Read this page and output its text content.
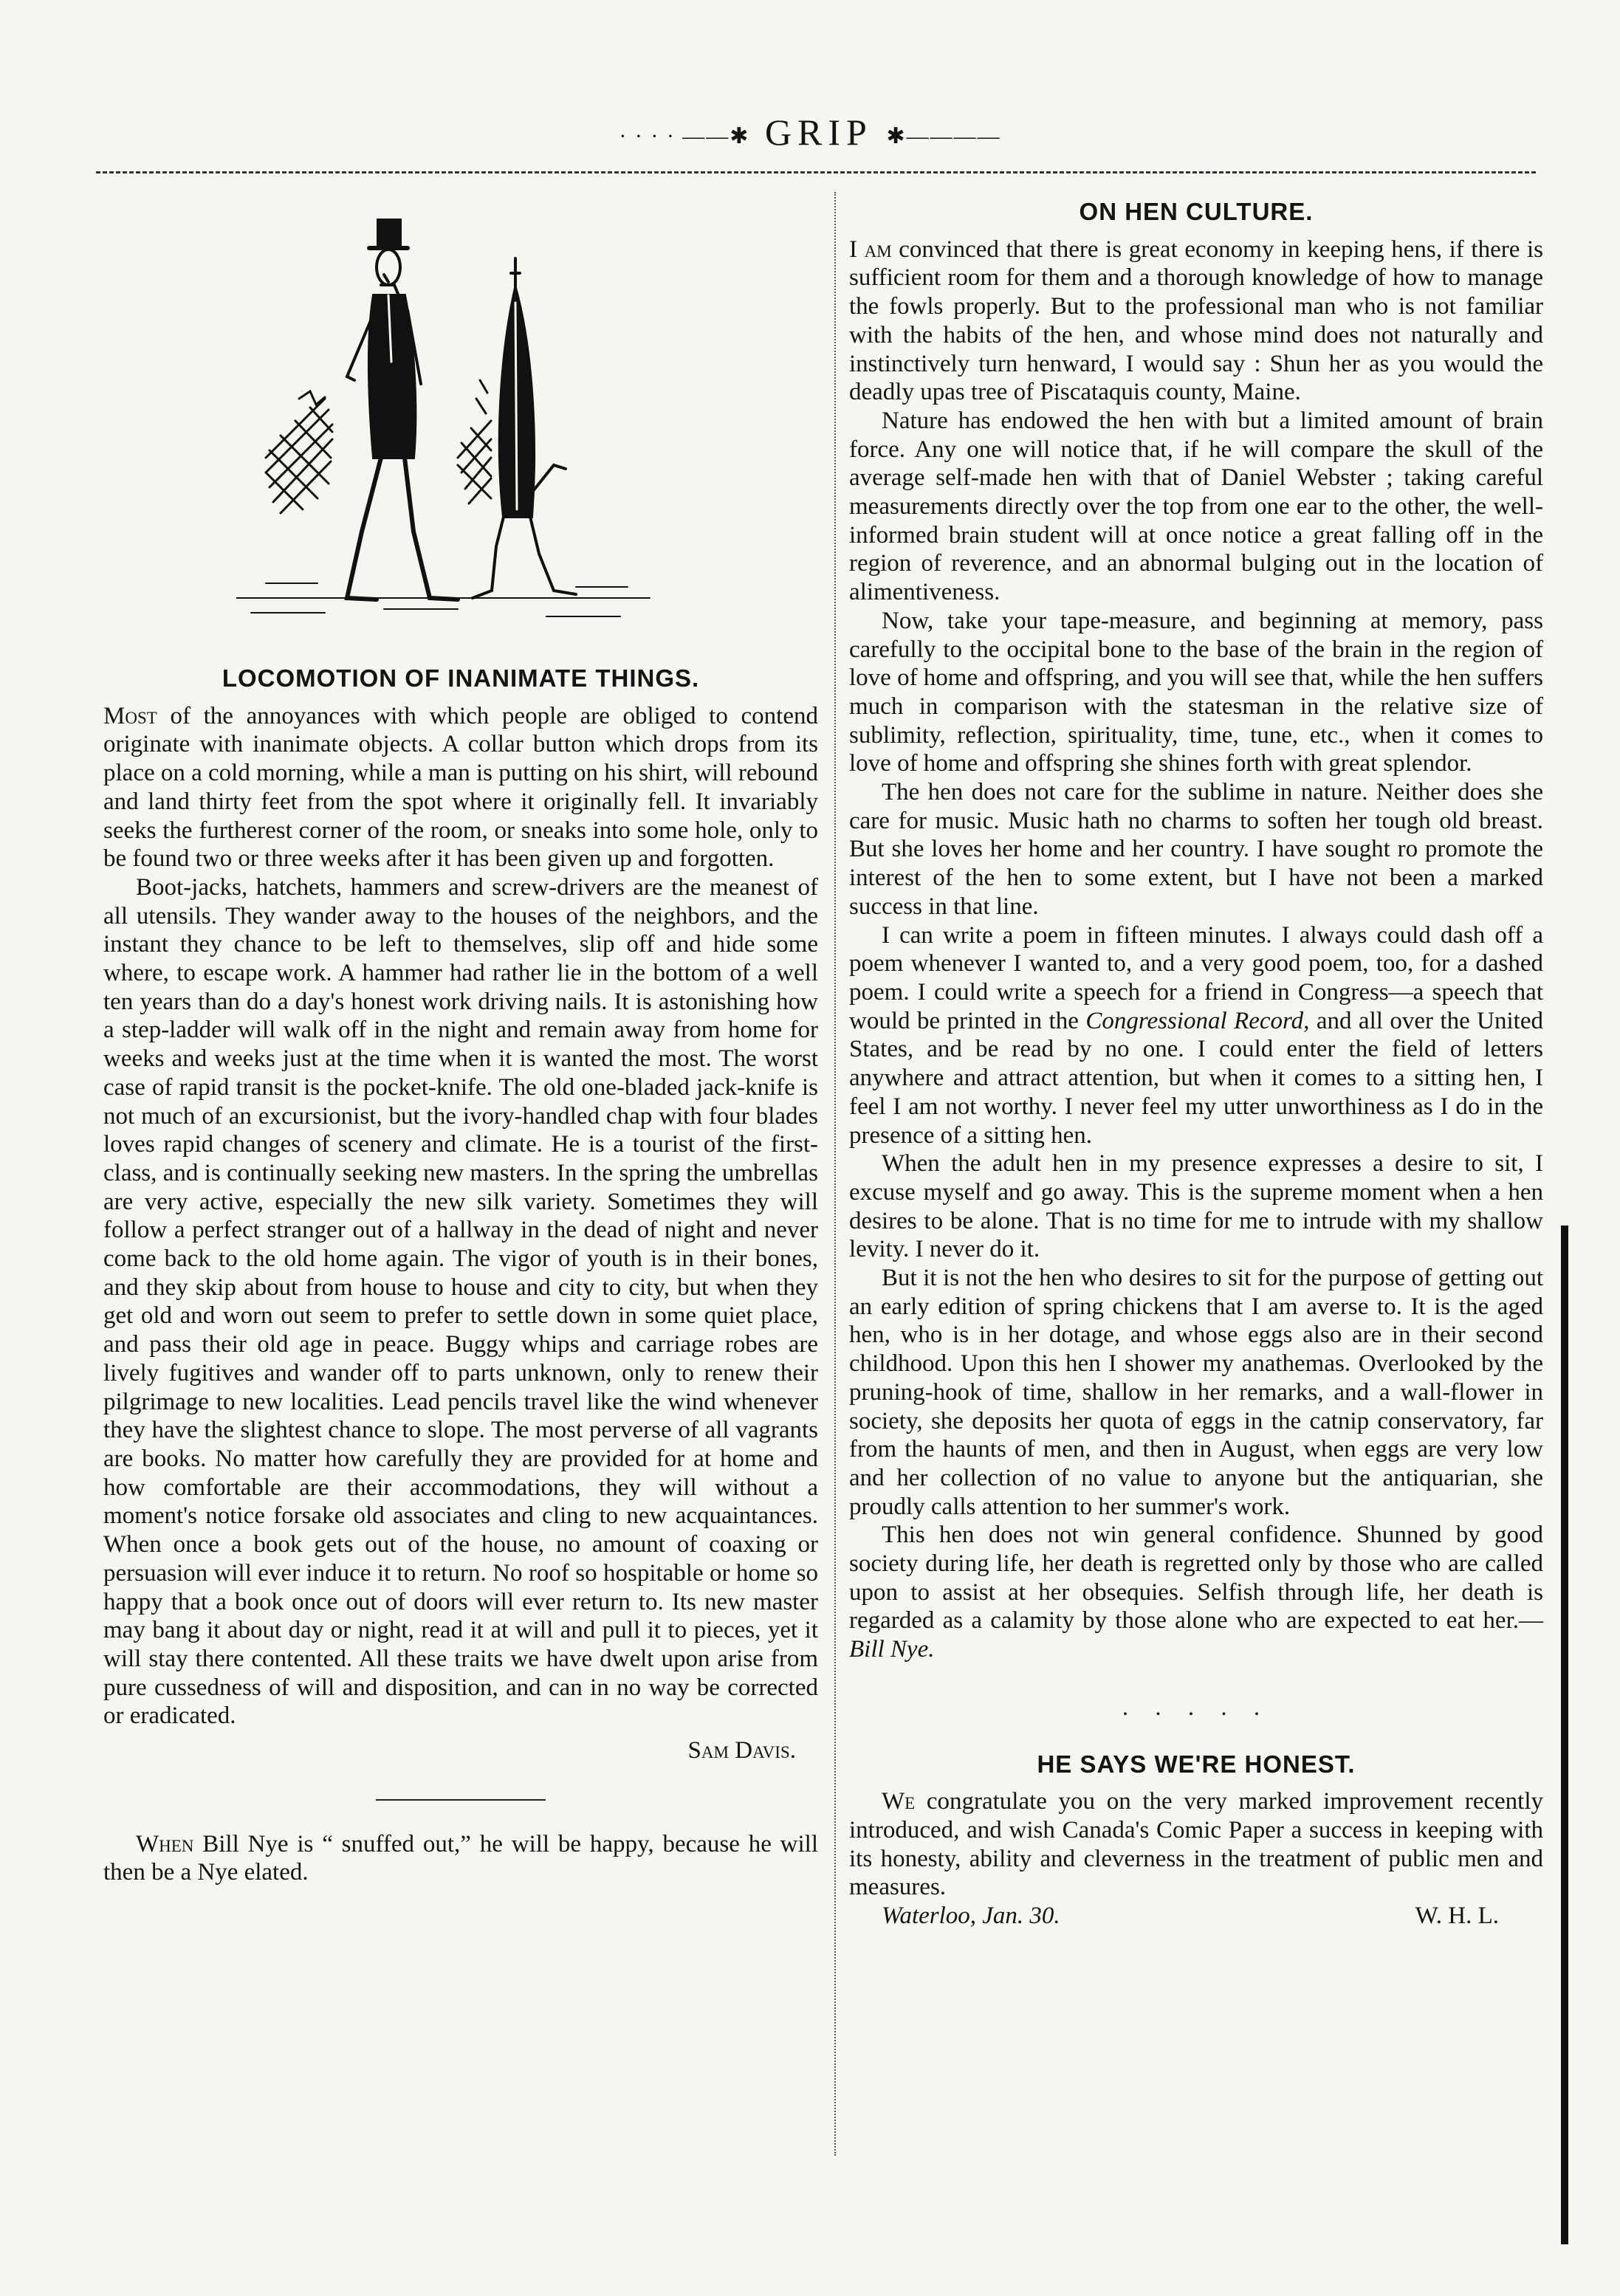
· · · · ——✱ GRIP ✱————
LOCOMOTION OF INANIMATE THINGS.

Most of the annoyances with which people are obliged to contend originate with inanimate objects. A collar button which drops from its place on a cold morning, while a man is putting on his shirt, will rebound and land thirty feet from the spot where it originally fell. It invariably seeks the furtherest corner of the room, or sneaks into some hole, only to be found two or three weeks after it has been given up and forgotten.

Boot-jacks, hatchets, hammers and screw-drivers are the meanest of all utensils. They wander away to the houses of the neighbors, and the instant they chance to be left to themselves, slip off and hide some where, to escape work. A hammer had rather lie in the bottom of a well ten years than do a day's honest work driving nails. It is astonishing how a step-ladder will walk off in the night and remain away from home for weeks and weeks just at the time when it is wanted the most. The worst case of rapid transit is the pocket-knife. The old one-bladed jack-knife is not much of an excursionist, but the ivory-handled chap with four blades loves rapid changes of scenery and climate. He is a tourist of the first-class, and is continually seeking new masters. In the spring the umbrellas are very active, especially the new silk variety. Sometimes they will follow a perfect stranger out of a hallway in the dead of night and never come back to the old home again. The vigor of youth is in their bones, and they skip about from house to house and city to city, but when they get old and worn out seem to prefer to settle down in some quiet place, and pass their old age in peace. Buggy whips and carriage robes are lively fugitives and wander off to parts unknown, only to renew their pilgrimage to new localities. Lead pencils travel like the wind whenever they have the slightest chance to slope. The most perverse of all vagrants are books. No matter how carefully they are provided for at home and how comfortable are their accommodations, they will without a moment's notice forsake old associates and cling to new acquaintances. When once a book gets out of the house, no amount of coaxing or persuasion will ever induce it to return. No roof so hospitable or home so happy that a book once out of doors will ever return to. Its new master may bang it about day or night, read it at will and pull it to pieces, yet it will stay there contented. All these traits we have dwelt upon arise from pure cussedness of will and disposition, and can in no way be corrected or eradicated.

Sam Davis.

When Bill Nye is “ snuffed out,” he will be happy, because he will then be a Nye elated.

ON HEN CULTURE.

I am convinced that there is great economy in keeping hens, if there is sufficient room for them and a thorough knowledge of how to manage the fowls properly. But to the professional man who is not familiar with the habits of the hen, and whose mind does not naturally and instinctively turn henward, I would say : Shun her as you would the deadly upas tree of Piscataquis county, Maine.

Nature has endowed the hen with but a limited amount of brain force. Any one will notice that, if he will compare the skull of the average self-made hen with that of Daniel Webster ; taking careful measurements directly over the top from one ear to the other, the well-informed brain student will at once notice a great falling off in the region of reverence, and an abnormal bulging out in the location of alimentiveness.

Now, take your tape-measure, and beginning at memory, pass carefully to the occipital bone to the base of the brain in the region of love of home and offspring, and you will see that, while the hen suffers much in comparison with the statesman in the relative size of sublimity, reflection, spirituality, time, tune, etc., when it comes to love of home and offspring she shines forth with great splendor.

The hen does not care for the sublime in nature. Neither does she care for music. Music hath no charms to soften her tough old breast. But she loves her home and her country. I have sought ro promote the interest of the hen to some extent, but I have not been a marked success in that line.

I can write a poem in fifteen minutes. I always could dash off a poem whenever I wanted to, and a very good poem, too, for a dashed poem. I could write a speech for a friend in Congress—a speech that would be printed in the Congressional Record, and all over the United States, and be read by no one. I could enter the field of letters anywhere and attract attention, but when it comes to a sitting hen, I feel I am not worthy. I never feel my utter unworthiness as I do in the presence of a sitting hen.

When the adult hen in my presence expresses a desire to sit, I excuse myself and go away. This is the supreme moment when a hen desires to be alone. That is no time for me to intrude with my shallow levity. I never do it.

But it is not the hen who desires to sit for the purpose of getting out an early edition of spring chickens that I am averse to. It is the aged hen, who is in her dotage, and whose eggs also are in their second childhood. Upon this hen I shower my anathemas. Overlooked by the pruning-hook of time, shallow in her remarks, and a wall-flower in society, she deposits her quota of eggs in the catnip conservatory, far from the haunts of men, and then in August, when eggs are very low and her collection of no value to anyone but the antiquarian, she proudly calls attention to her summer's work.

This hen does not win general confidence. Shunned by good society during life, her death is regretted only by those who are called upon to assist at her obsequies. Selfish through life, her death is regarded as a calamity by those alone who are expected to eat her.—Bill Nye.

. . . . .
HE SAYS WE'RE HONEST.

We congratulate you on the very marked improvement recently introduced, and wish Canada's Comic Paper a success in keeping with its honesty, ability and cleverness in the treatment of public men and measures.

Waterloo, Jan. 30.	W. H. L.
